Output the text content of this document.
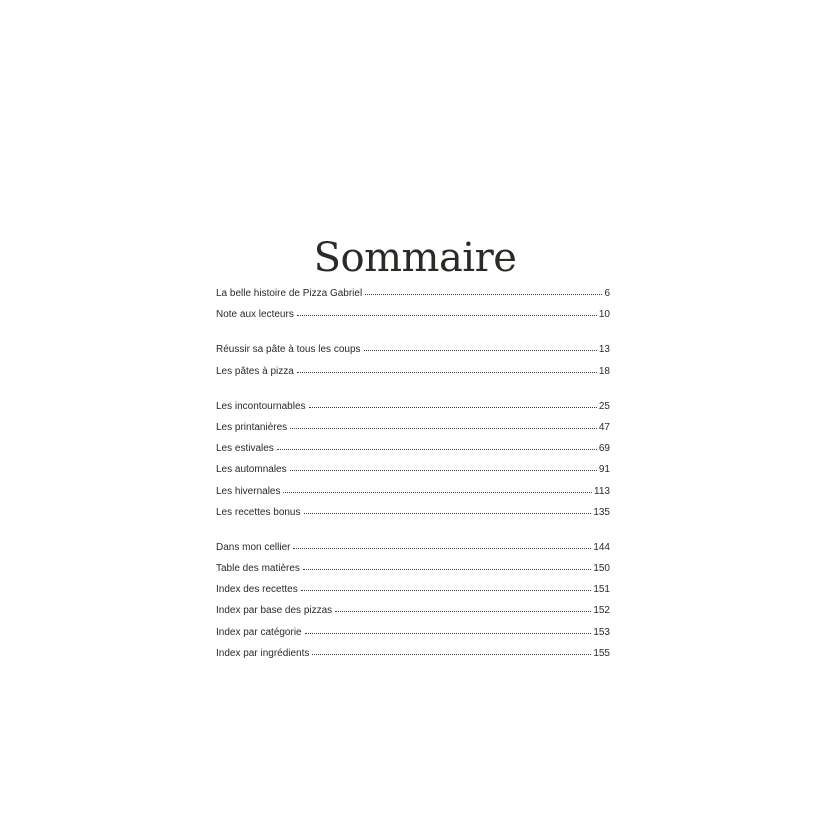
Sommaire
La belle histoire de Pizza Gabriel	6
Note aux lecteurs	10
Réussir sa pâte à tous les coups	13
Les pâtes à pizza	18
Les incontournables	25
Les printanières	47
Les estivales	69
Les automnales	91
Les hivernales	113
Les recettes bonus	135
Dans mon cellier	144
Table des matières	150
Index des recettes	151
Index par base des pizzas	152
Index par catégorie	153
Index par ingrédients	155
